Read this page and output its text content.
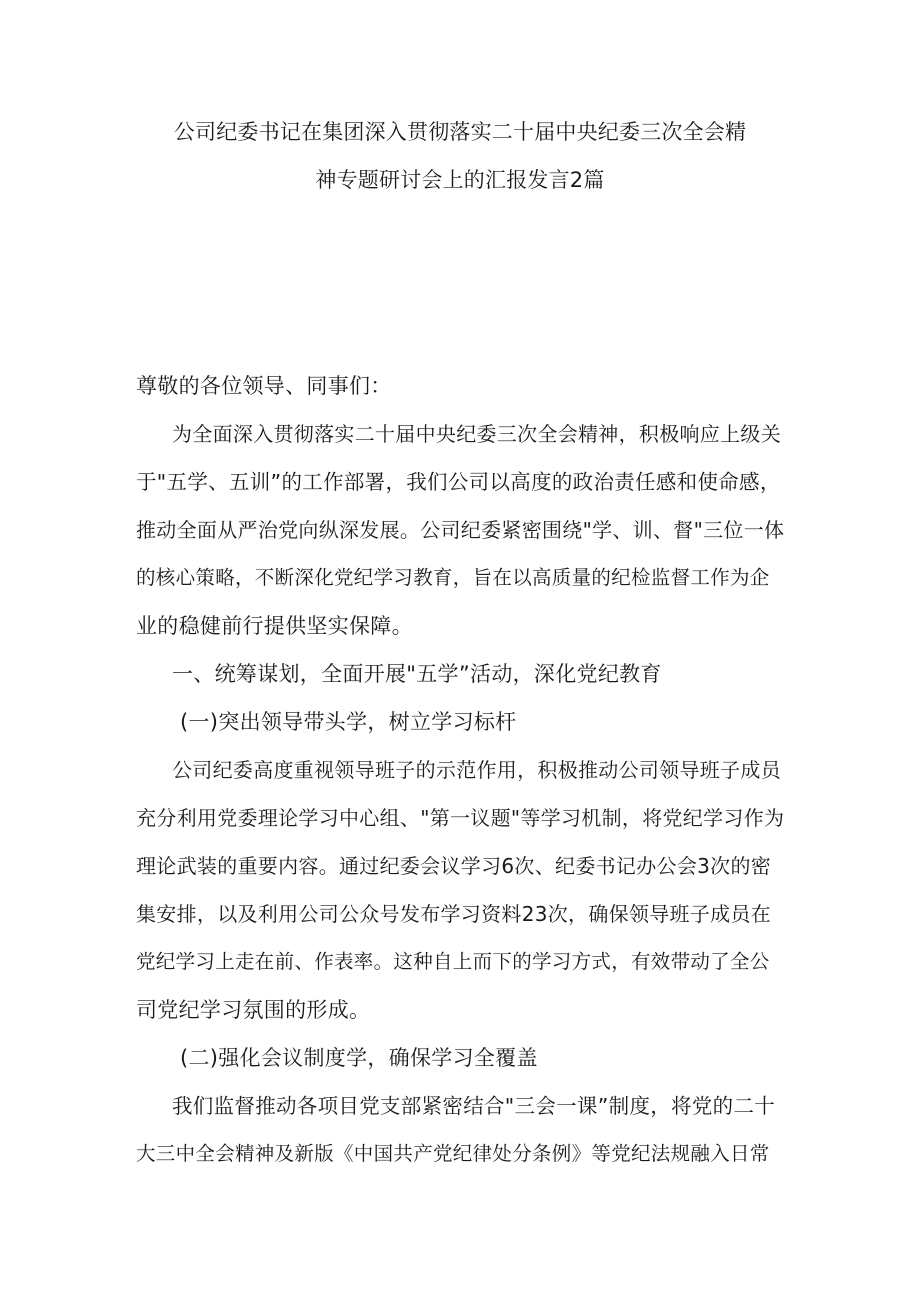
公司纪委书记在集团深入贯彻落实二十届中央纪委三次全会精
神专题研讨会上的汇报发言2篇
尊敬的各位领导、同事们：
为全面深入贯彻落实二十届中央纪委三次全会精神，积极响应上级关
于"五学、五训”的工作部署，我们公司以高度的政治责任感和使命感，
推动全面从严治党向纵深发展。公司纪委紧密围绕"学、训、督"三位一体
的核心策略，不断深化党纪学习教育，旨在以高质量的纪检监督工作为企
业的稳健前行提供坚实保障。
一、统筹谋划，全面开展"五学”活动，深化党纪教育
(一)突出领导带头学，树立学习标杆
公司纪委高度重视领导班子的示范作用，积极推动公司领导班子成员
充分利用党委理论学习中心组、"第一议题"等学习机制，将党纪学习作为
理论武装的重要内容。通过纪委会议学习6次、纪委书记办公会3次的密
集安排，以及利用公司公众号发布学习资料23次，确保领导班子成员在
党纪学习上走在前、作表率。这种自上而下的学习方式，有效带动了全公
司党纪学习氛围的形成。
(二)强化会议制度学，确保学习全覆盖
我们监督推动各项目党支部紧密结合"三会一课”制度，将党的二十
大三中全会精神及新版《中国共产党纪律处分条例》等党纪法规融入日常
